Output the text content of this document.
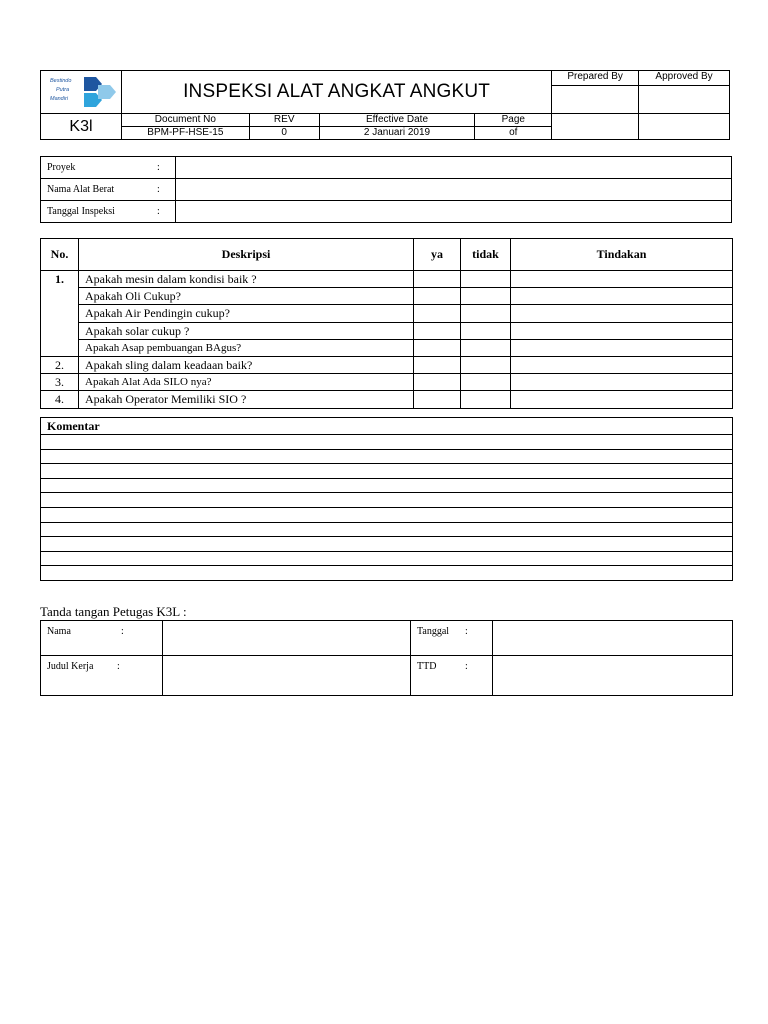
Bestindo
Putra
Mandiri	INSPEKSI ALAT ANGKAT ANGKUT				Prepared By	Approved By

K3l	Document No	REV	Effective Date	Page		
	BPM-PF-HSE-15	0	2 Januari 2019	of		
Proyek :	
Nama Alat Berat :	
Tanggal Inspeksi :	
No.	Deskripsi	ya	tidak	Tindakan
1.	Apakah mesin dalam kondisi baik ?			
	Apakah Oli Cukup?			
	Apakah Air Pendingin cukup?			
	Apakah solar cukup ?			
	Apakah Asap pembuangan BAgus?			
2.	Apakah sling dalam keadaan baik?			
3.	Apakah Alat Ada SILO nya?			
4.	Apakah Operator Memiliki SIO ?			
Komentar

Tanda tangan Petugas K3L :
Nama :		Tanggal :	
Judul Kerja :		TTD :	
